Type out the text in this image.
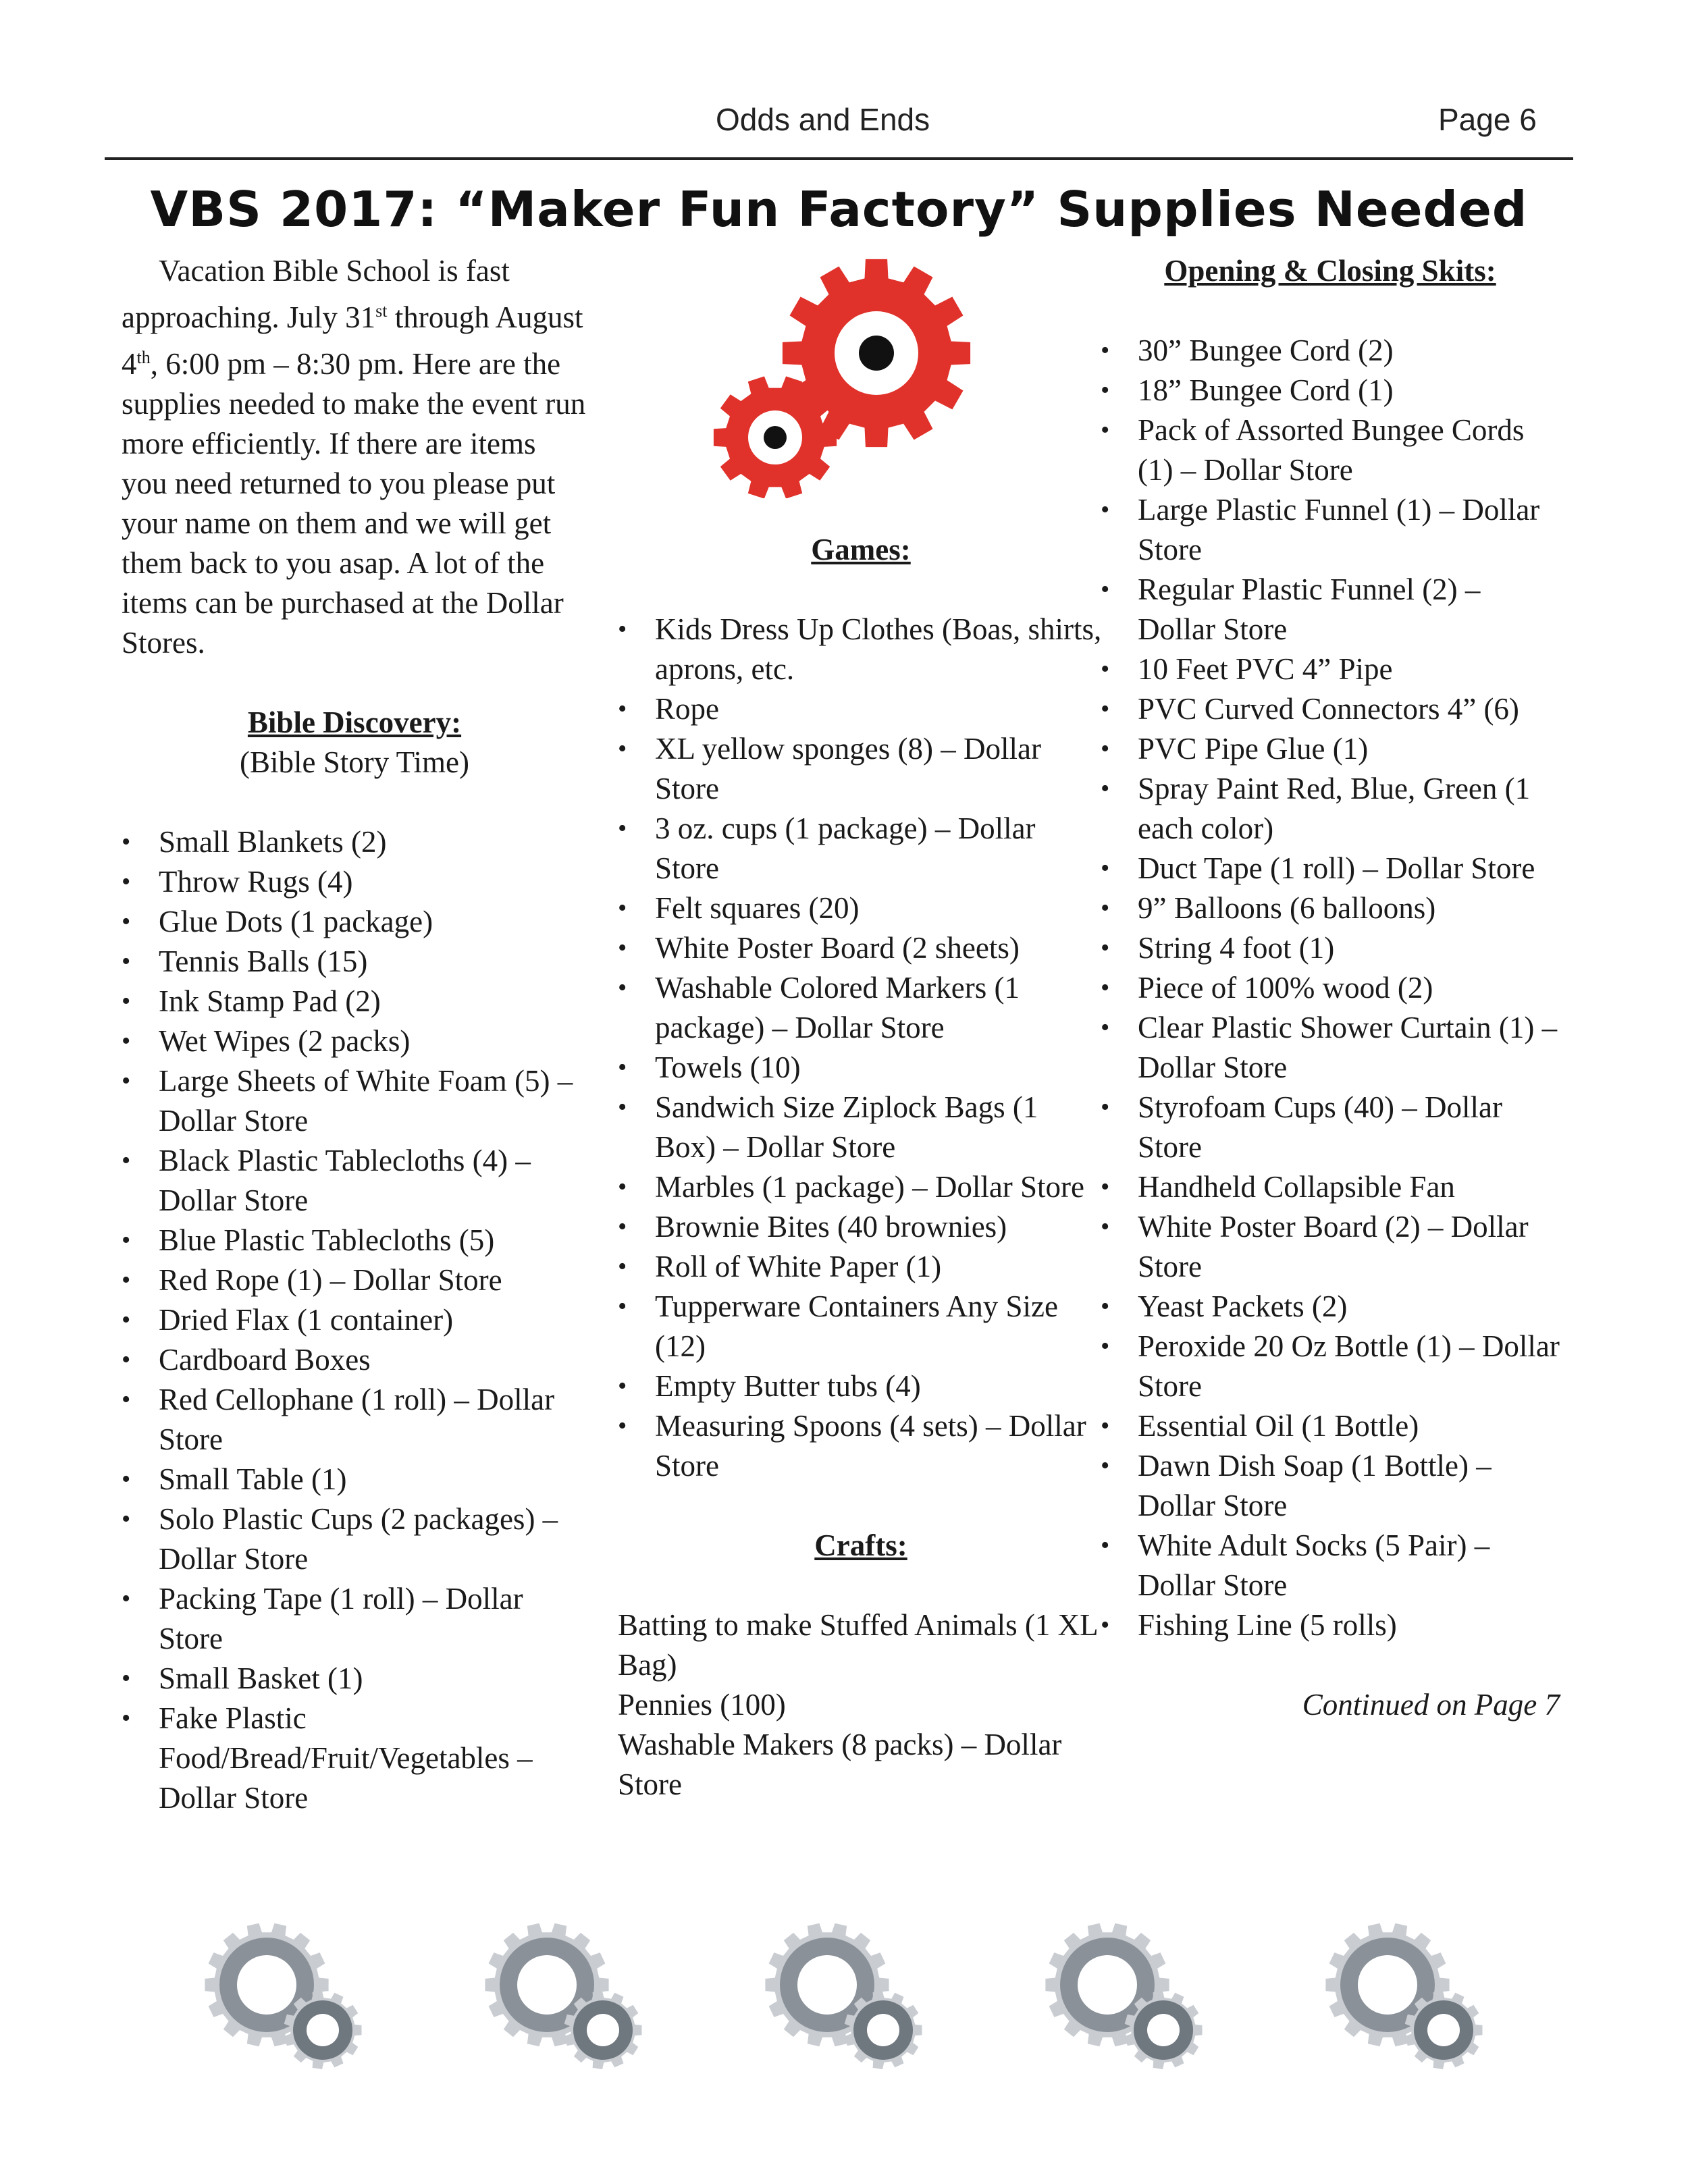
Odds and Ends	Page 6
VBS 2017: “Maker Fun Factory” Supplies Needed

Vacation Bible School is fast approaching. July 31st through August 4th, 6:00 pm – 8:30 pm. Here are the supplies needed to make the event run more efficiently. If there are items you need returned to you please put your name on them and we will get them back to you asap. A lot of the items can be purchased at the Dollar Stores.

Bible Discovery:

(Bible Story Time)

• Small Blankets (2)
• Throw Rugs (4)
• Glue Dots (1 package)
• Tennis Balls (15)
• Ink Stamp Pad (2)
• Wet Wipes (2 packs)
• Large Sheets of White Foam (5) – Dollar Store
• Black Plastic Tablecloths (4) – Dollar Store
• Blue Plastic Tablecloths (5)
• Red Rope (1) – Dollar Store
• Dried Flax (1 container)
• Cardboard Boxes
• Red Cellophane (1 roll) – Dollar Store
• Small Table (1)
• Solo Plastic Cups (2 packages) – Dollar Store
• Packing Tape (1 roll) – Dollar Store
• Small Basket (1)
• Fake Plastic Food/Bread/Fruit/Vegetables – Dollar Store

Games:

• Kids Dress Up Clothes (Boas, shirts, aprons, etc.
• Rope
• XL yellow sponges (8) – Dollar Store
• 3 oz. cups (1 package) – Dollar Store
• Felt squares (20)
• White Poster Board (2 sheets)
• Washable Colored Markers (1 package) – Dollar Store
• Towels (10)
• Sandwich Size Ziplock Bags (1 Box) – Dollar Store
• Marbles (1 package) – Dollar Store
• Brownie Bites (40 brownies)
• Roll of White Paper (1)
• Tupperware Containers Any Size (12)
• Empty Butter tubs (4)
• Measuring Spoons (4 sets) – Dollar Store

Crafts:

Batting to make Stuffed Animals (1 XL Bag)

Pennies (100)

Washable Makers (8 packs) – Dollar Store

Opening & Closing Skits:

• 30” Bungee Cord (2)
• 18” Bungee Cord (1)
• Pack of Assorted Bungee Cords (1) – Dollar Store
• Large Plastic Funnel (1) – Dollar Store
• Regular Plastic Funnel (2) – Dollar Store
• 10 Feet PVC 4” Pipe
• PVC Curved Connectors 4” (6)
• PVC Pipe Glue (1)
• Spray Paint Red, Blue, Green (1 each color)
• Duct Tape (1 roll) – Dollar Store
• 9” Balloons (6 balloons)
• String 4 foot (1)
• Piece of 100% wood (2)
• Clear Plastic Shower Curtain (1) – Dollar Store
• Styrofoam Cups (40) – Dollar Store
• Handheld Collapsible Fan
• White Poster Board (2) – Dollar Store
• Yeast Packets (2)
• Peroxide 20 Oz Bottle (1) – Dollar Store
• Essential Oil (1 Bottle)
• Dawn Dish Soap (1 Bottle) – Dollar Store
• White Adult Socks (5 Pair) – Dollar Store
• Fishing Line (5 rolls)

Continued on Page 7
